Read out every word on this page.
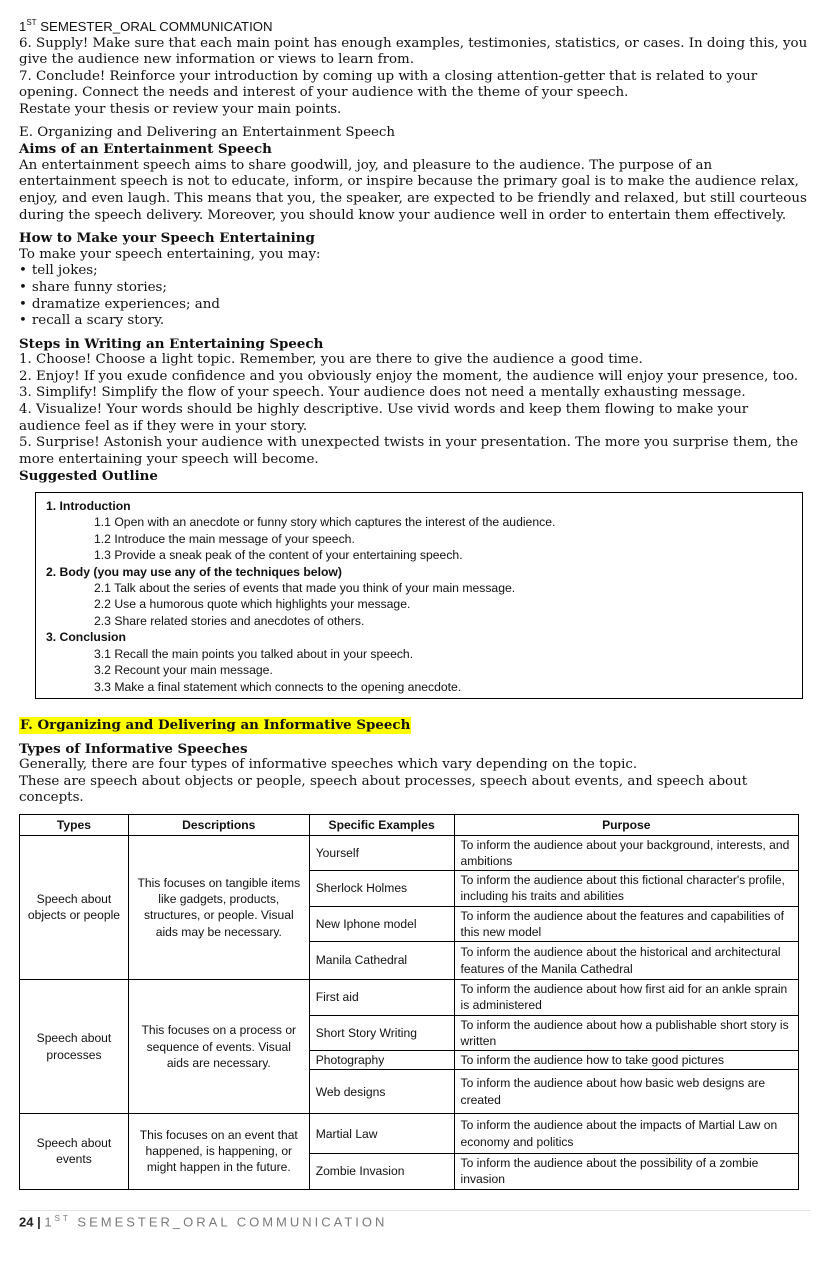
1ST SEMESTER_ORAL COMMUNICATION

6. Supply! Make sure that each main point has enough examples, testimonies, statistics, or cases. In doing this, you give the audience new information or views to learn from.

7. Conclude! Reinforce your introduction by coming up with a closing attention-getter that is related to your opening. Connect the needs and interest of your audience with the theme of your speech.

Restate your thesis or review your main points.

E. Organizing and Delivering an Entertainment Speech

Aims of an Entertainment Speech

An entertainment speech aims to share goodwill, joy, and pleasure to the audience. The purpose of an entertainment speech is not to educate, inform, or inspire because the primary goal is to make the audience relax, enjoy, and even laugh. This means that you, the speaker, are expected to be friendly and relaxed, but still courteous during the speech delivery. Moreover, you should know your audience well in order to entertain them effectively.

How to Make your Speech Entertaining

To make your speech entertaining, you may:

• tell jokes;
• share funny stories;
• dramatize experiences; and
• recall a scary story.

Steps in Writing an Entertaining Speech

1. Choose! Choose a light topic. Remember, you are there to give the audience a good time.

2. Enjoy! If you exude confidence and you obviously enjoy the moment, the audience will enjoy your presence, too.

3. Simplify! Simplify the flow of your speech. Your audience does not need a mentally exhausting message.

4. Visualize! Your words should be highly descriptive. Use vivid words and keep them flowing to make your audience feel as if they were in your story.

5. Surprise! Astonish your audience with unexpected twists in your presentation. The more you surprise them, the more entertaining your speech will become.

Suggested Outline

1. Introduction
1.1 Open with an anecdote or funny story which captures the interest of the audience.
1.2 Introduce the main message of your speech.
1.3 Provide a sneak peak of the content of your entertaining speech.
2. Body (you may use any of the techniques below)
2.1 Talk about the series of events that made you think of your main message.
2.2 Use a humorous quote which highlights your message.
2.3 Share related stories and anecdotes of others.
3. Conclusion
3.1 Recall the main points you talked about in your speech.
3.2 Recount your main message.
3.3 Make a final statement which connects to the opening anecdote.

F. Organizing and Delivering an Informative Speech

Types of Informative Speeches

Generally, there are four types of informative speeches which vary depending on the topic.

These are speech about objects or people, speech about processes, speech about events, and speech about concepts.

Types	Descriptions	Specific Examples	Purpose
Speech about objects or people	This focuses on tangible items like gadgets, products, structures, or people. Visual aids may be necessary.	Yourself	To inform the audience about your background, interests, and ambitions
		Sherlock Holmes	To inform the audience about this fictional character's profile, including his traits and abilities
		New Iphone model	To inform the audience about the features and capabilities of this new model
		Manila Cathedral	To inform the audience about the historical and architectural features of the Manila Cathedral
Speech about processes	This focuses on a process or sequence of events. Visual aids are necessary.	First aid	To inform the audience about how first aid for an ankle sprain is administered
		Short Story Writing	To inform the audience about how a publishable short story is written
		Photography	To inform the audience how to take good pictures
		Web designs	To inform the audience about how basic web designs are created
Speech about events	This focuses on an event that happened, is happening, or might happen in the future.	Martial Law	To inform the audience about the impacts of Martial Law on economy and politics
		Zombie Invasion	To inform the audience about the possibility of a zombie invasion
24 | 1ST SEMESTER_ORAL COMMUNICATION
